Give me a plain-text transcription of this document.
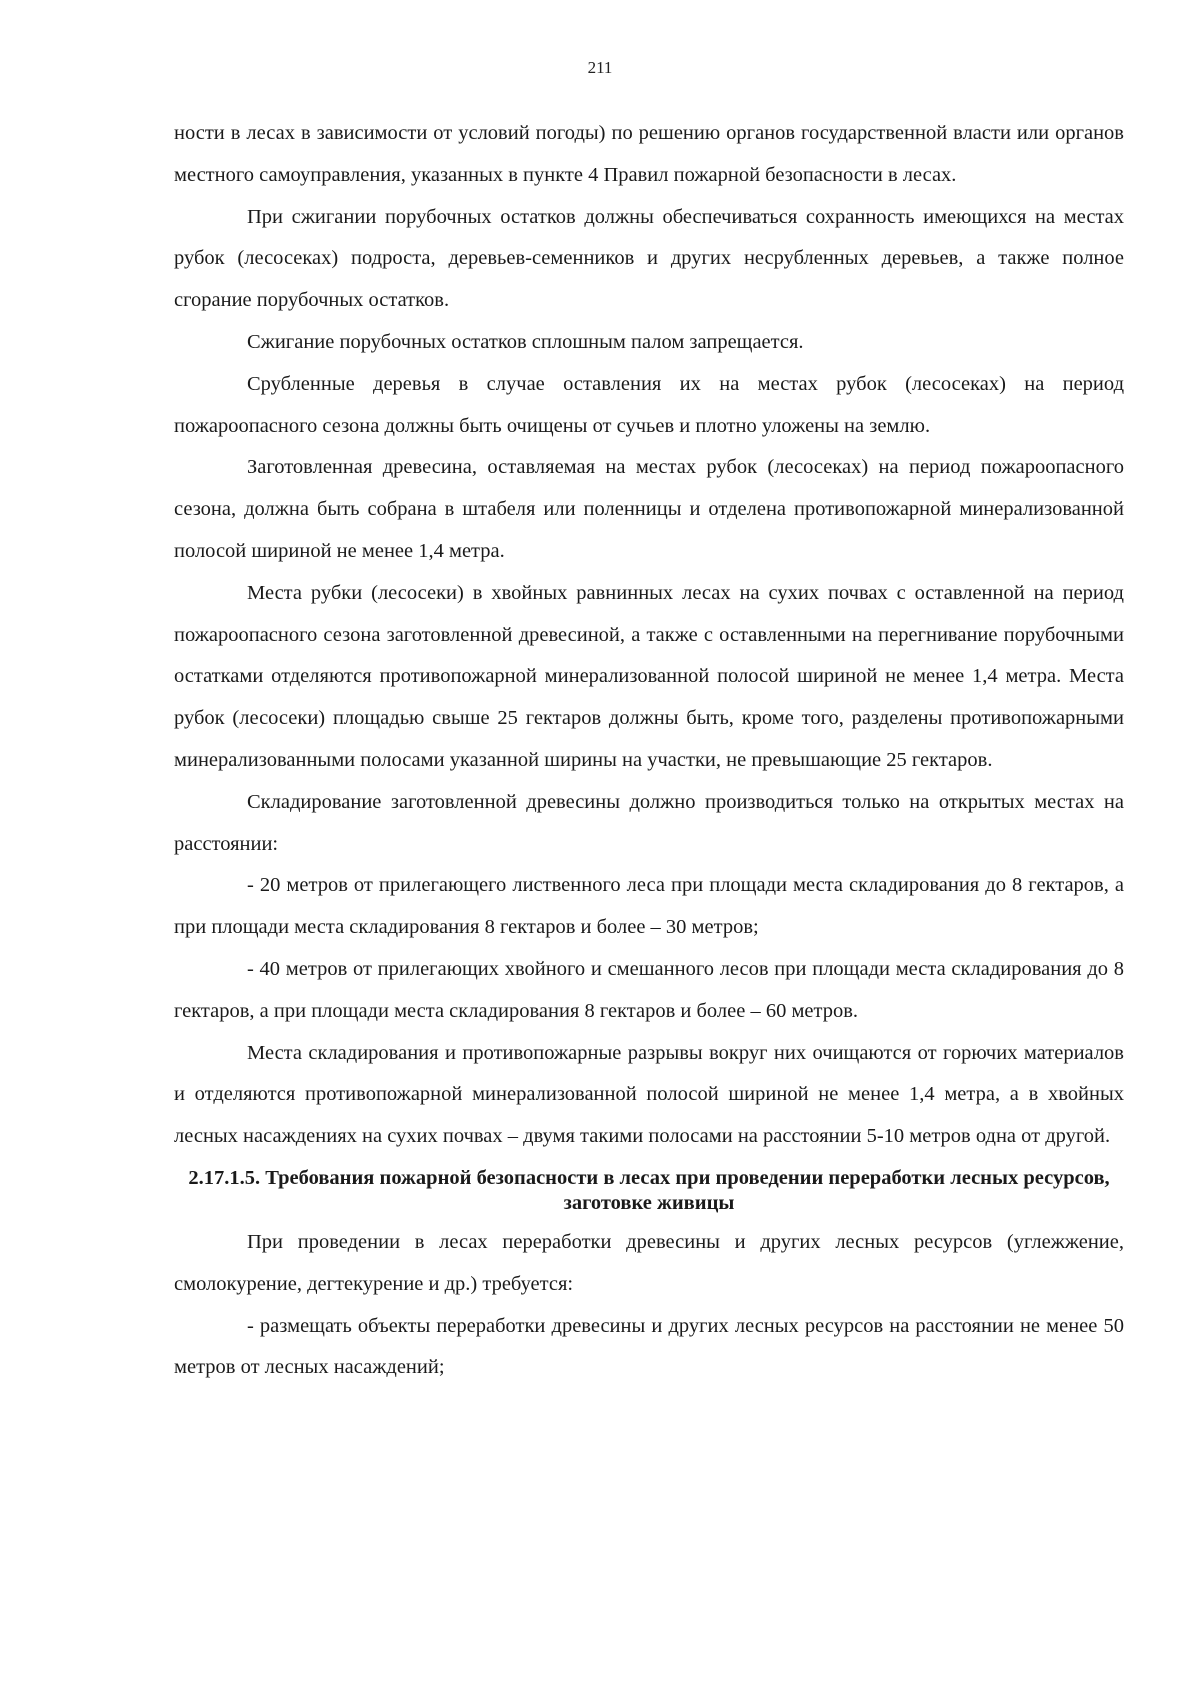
211

ности в лесах в зависимости от условий погоды) по решению органов государственной власти или органов местного самоуправления, указанных в пункте 4 Правил пожарной безопасности в лесах.

При сжигании порубочных остатков должны обеспечиваться сохранность имеющихся на местах рубок (лесосеках) подроста, деревьев-семенников и других несрубленных деревьев, а также полное сгорание порубочных остатков.

Сжигание порубочных остатков сплошным палом запрещается.

Срубленные деревья в случае оставления их на местах рубок (лесосеках) на период пожароопасного сезона должны быть очищены от сучьев и плотно уложены на землю.

Заготовленная древесина, оставляемая на местах рубок (лесосеках) на период пожароопасного сезона, должна быть собрана в штабеля или поленницы и отделена противопожарной минерализованной полосой шириной не менее 1,4 метра.

Места рубки (лесосеки) в хвойных равнинных лесах на сухих почвах с оставленной на период пожароопасного сезона заготовленной древесиной, а также с оставленными на перегнивание порубочными остатками отделяются противопожарной минерализованной полосой шириной не менее 1,4 метра. Места рубок (лесосеки) площадью свыше 25 гектаров должны быть, кроме того, разделены противопожарными минерализованными полосами указанной ширины на участки, не превышающие 25 гектаров.

Складирование заготовленной древесины должно производиться только на открытых местах на расстоянии:

- 20 метров от прилегающего лиственного леса при площади места складирования до 8 гектаров, а при площади места складирования 8 гектаров и более – 30 метров;

- 40 метров от прилегающих хвойного и смешанного лесов при площади места складирования до 8 гектаров, а при площади места складирования 8 гектаров и более – 60 метров.

Места складирования и противопожарные разрывы вокруг них очищаются от горючих материалов и отделяются противопожарной минерализованной полосой шириной не менее 1,4 метра, а в хвойных лесных насаждениях на сухих почвах – двумя такими полосами на расстоянии 5-10 метров одна от другой.

2.17.1.5. Требования пожарной безопасности в лесах при проведении переработки лесных ресурсов, заготовке живицы

При проведении в лесах переработки древесины и других лесных ресурсов (углежжение, смолокурение, дегтекурение и др.) требуется:

- размещать объекты переработки древесины и других лесных ресурсов на расстоянии не менее 50 метров от лесных насаждений;
